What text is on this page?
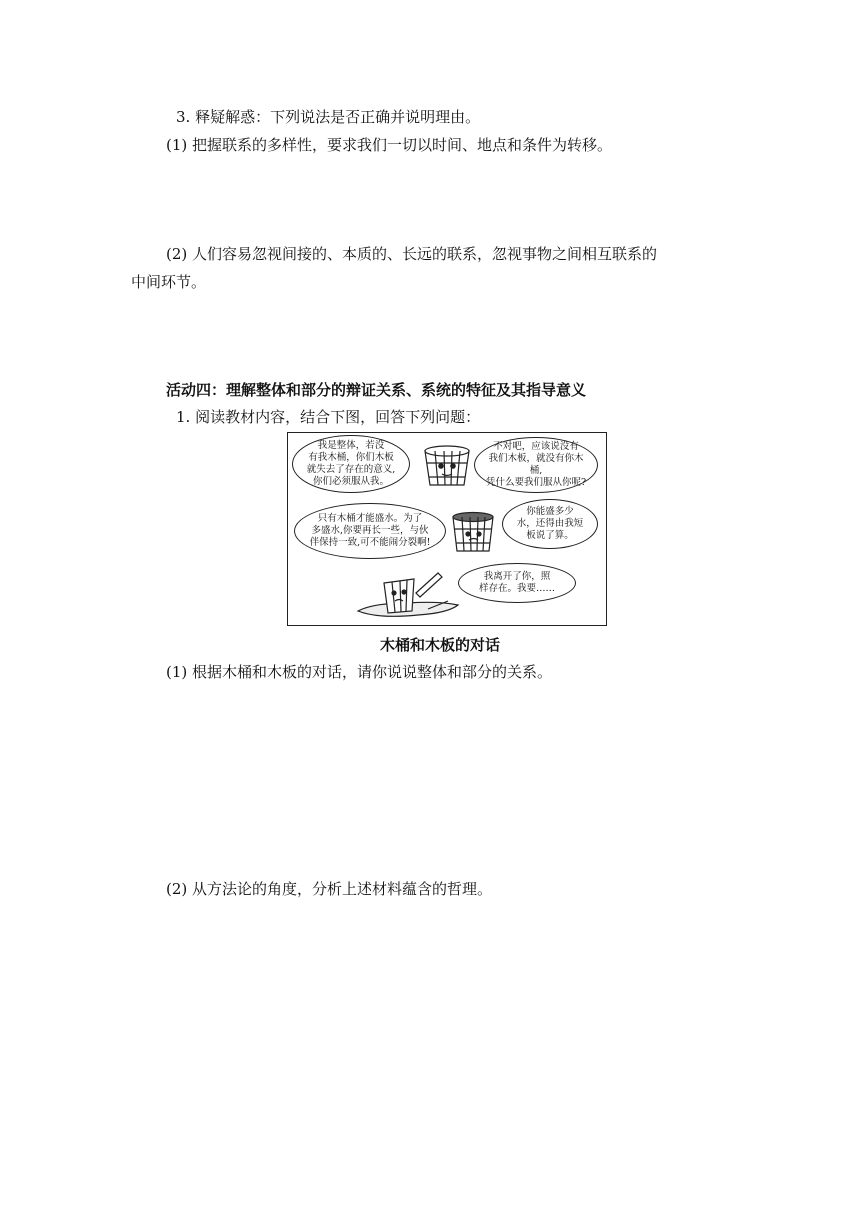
3. 释疑解惑：下列说法是否正确并说明理由。
(1) 把握联系的多样性，要求我们一切以时间、地点和条件为转移。
(2) 人们容易忽视间接的、本质的、长远的联系，忽视事物之间相互联系的
中间环节。
活动四：理解整体和部分的辩证关系、系统的特征及其指导意义
1. 阅读教材内容，结合下图，回答下列问题：
我是整体，若没
有我木桶，你们木板
就失去了存在的意义,
你们必须服从我。
不对吧，应该说没有
我们木板，就没有你木桶,
凭什么要我们服从你呢?
只有木桶才能盛水。为了
多盛水,你要再长一些，与伙
伴保持一致,可不能闹分裂啊!
你能盛多少
水，还得由我短
板说了算。
我离开了你，照
样存在。我要……
木桶和木板的对话
(1) 根据木桶和木板的对话，请你说说整体和部分的关系。
(2) 从方法论的角度，分析上述材料蕴含的哲理。
